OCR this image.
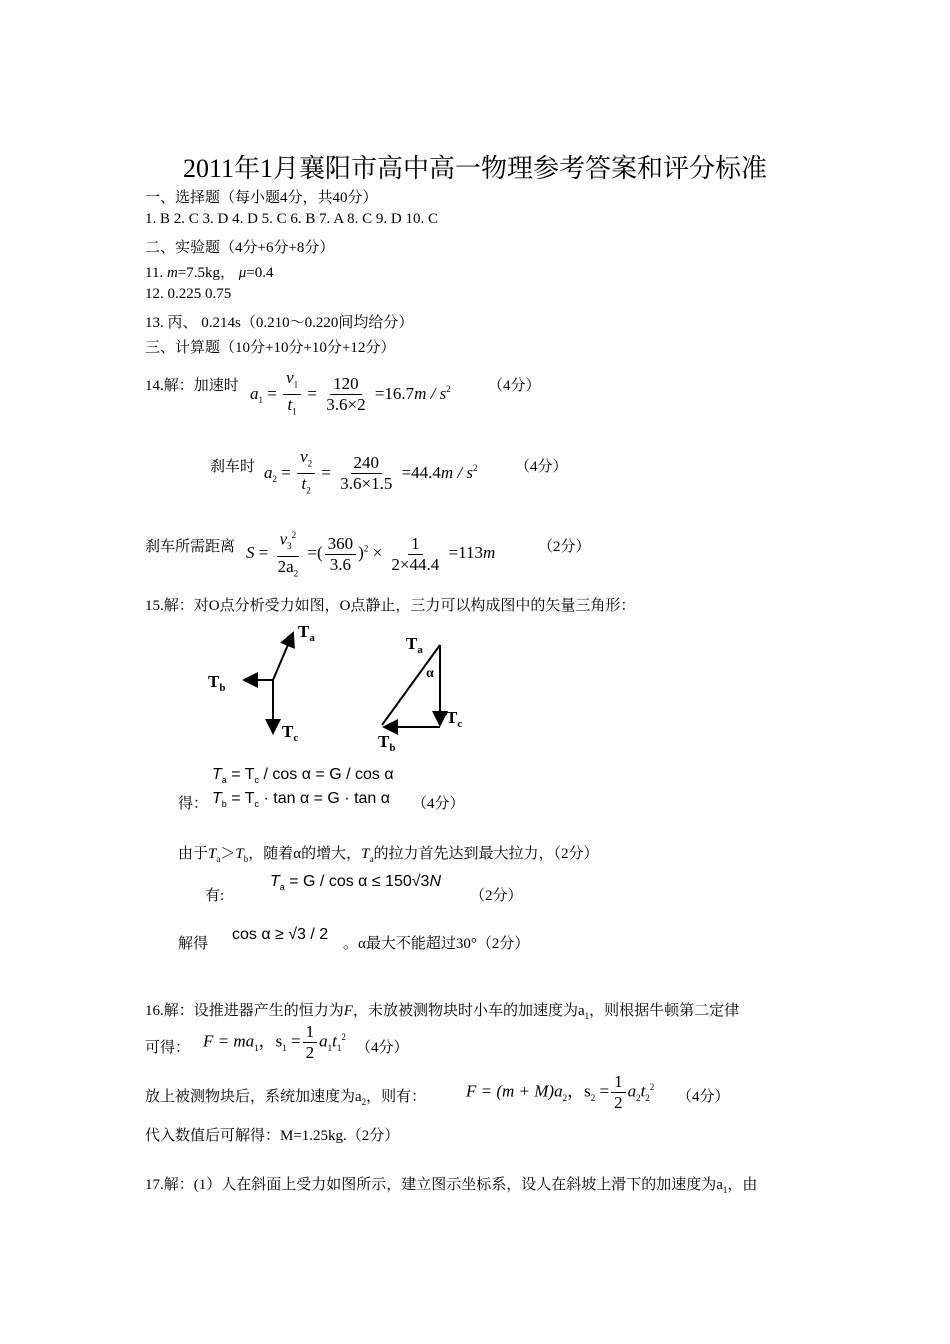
2011年1月襄阳市高中高一物理参考答案和评分标准
一、选择题（每小题4分，共40分）
1. B 2. C 3. D 4. D 5. C 6. B 7. A 8. C 9. D 10. C
二、实验题（4分+6分+8分）
11. m=7.5kg， μ=0.4
12. 0.225 0.75
13. 丙、 0.214s（0.210～0.220间均给分）
三、计算题（10分+10分+10分+12分）
14.解：加速时 $a_1 = \frac{v_1}{t_1} = \frac{120}{3.6\times 2} =16.7m / s^2$ （4分）
刹车时 $a_2 = \frac{v_2}{t_2} = \frac{240}{3.6\times 1.5} =44.4m / s^2$ （4分）
刹车所需距离 $S = \frac{v_3^2}{2a_2}$ =( $\frac{360}{3.6} )^2 \times \frac{1}{2\times 44.4} =113m$	（2分）
15.解：对O点分析受力如图，O点静止，三力可以构成图中的矢量三角形：
$T_a$
$T_b$
$T_c$
$T_a$
α
$T_c$
$T_b$
$T_a = T_c / \cos \alpha = G / \cos \alpha$
得： $T_b = T_c \cdot \tan \alpha = G \cdot \tan \alpha$ （4分）
由于$T_a>T_b$，随着α的增大，$T_a$的拉力首先达到最大拉力，（2分）
有:
$T_a = G / \cos \alpha \le 150√3N$
（2分）
解得
cos α ≥ √3 / 2
。α最大不能超过30°（2分）
16.解：设推进器产生的恒力为F，未放被测物块时小车的加速度为$a_1$，则根据牛顿第二定律
可得： $F = ma_1$，$s_1 = \frac{1}{2} a_1t_1^2$
（4分）
放上被测物块后，系统加速度为$a_2$，则有： $F = (m + M)a_2$，$s_2 = \frac{1}{2} a_2t_2^2$
（4分）
代入数值后可解得：M=1.25kg.（2分）
17.解：(1）人在斜面上受力如图所示，建立图示坐标系，设人在斜坡上滑下的加速度为$a_1$，由
